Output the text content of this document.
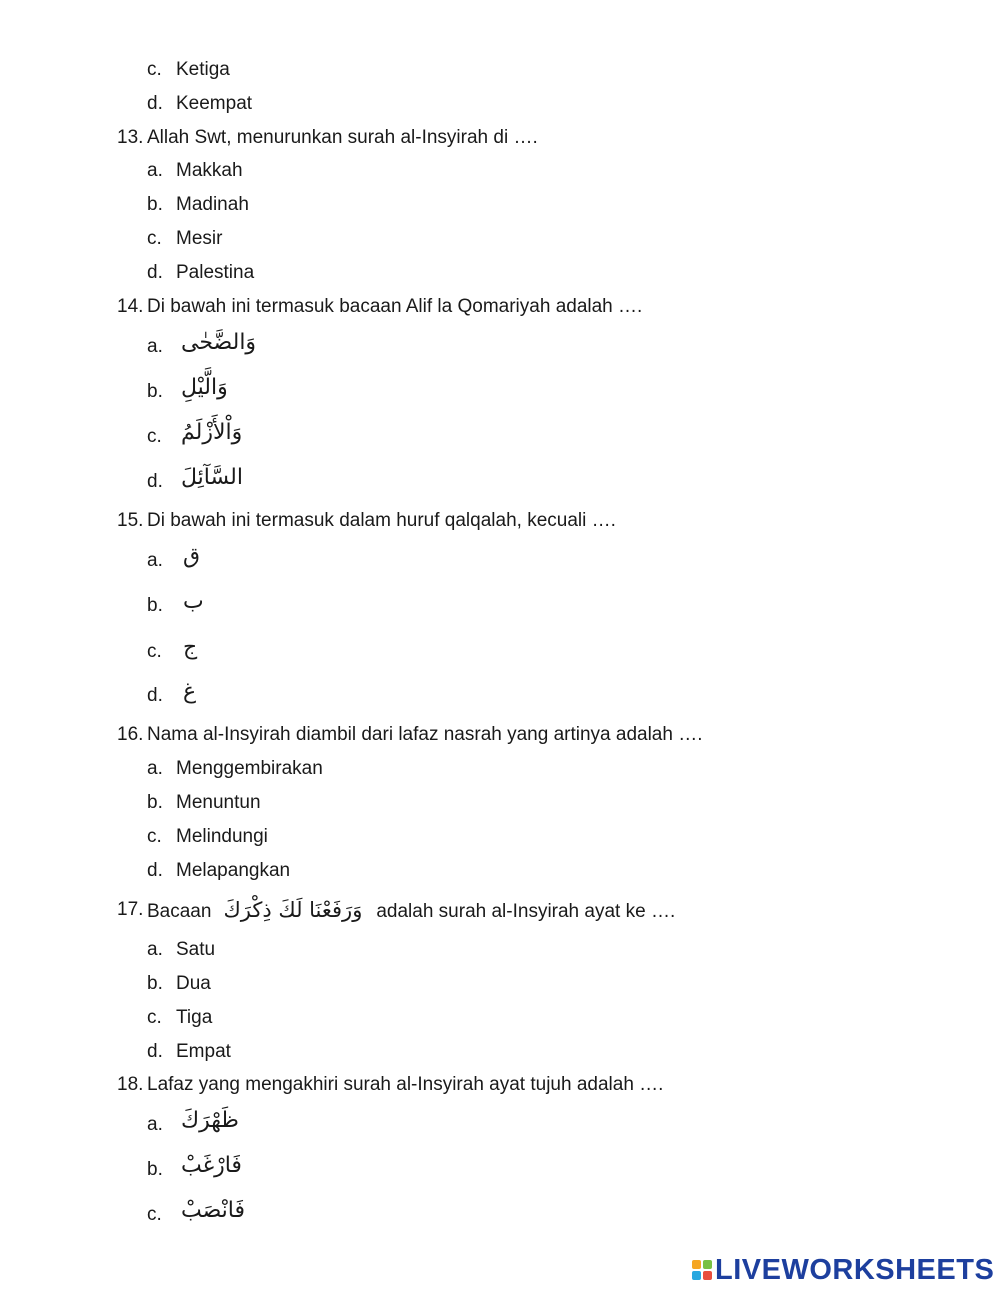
c. Ketiga
d. Keempat
13. Allah Swt, menurunkan surah al-Insyirah di ….
a. Makkah
b. Madinah
c. Mesir
d. Palestina
14. Di bawah ini termasuk bacaan Alif la Qomariyah adalah ….
a. وَالضَّحٰى
b. وَالَّيْلِ
c. وَاْلأَزْلَمُ
d. السَّآئِلَ
15. Di bawah ini termasuk dalam huruf qalqalah, kecuali ….
a. ق
b. ب
c. ج
d. غ
16. Nama al-Insyirah diambil dari lafaz nasrah yang artinya adalah ….
a. Menggembirakan
b. Menuntun
c. Melindungi
d. Melapangkan
17. Bacaan وَرَفَعْنَا لَكَ ذِكْرَكَ adalah surah al-Insyirah ayat ke ….
a. Satu
b. Dua
c. Tiga
d. Empat
18. Lafaz yang mengakhiri surah al-Insyirah ayat tujuh adalah ….
a. ظَهْرَكَ
b. فَارْغَبْ
c. فَانْصَبْ
LIVEWORKSHEETS
